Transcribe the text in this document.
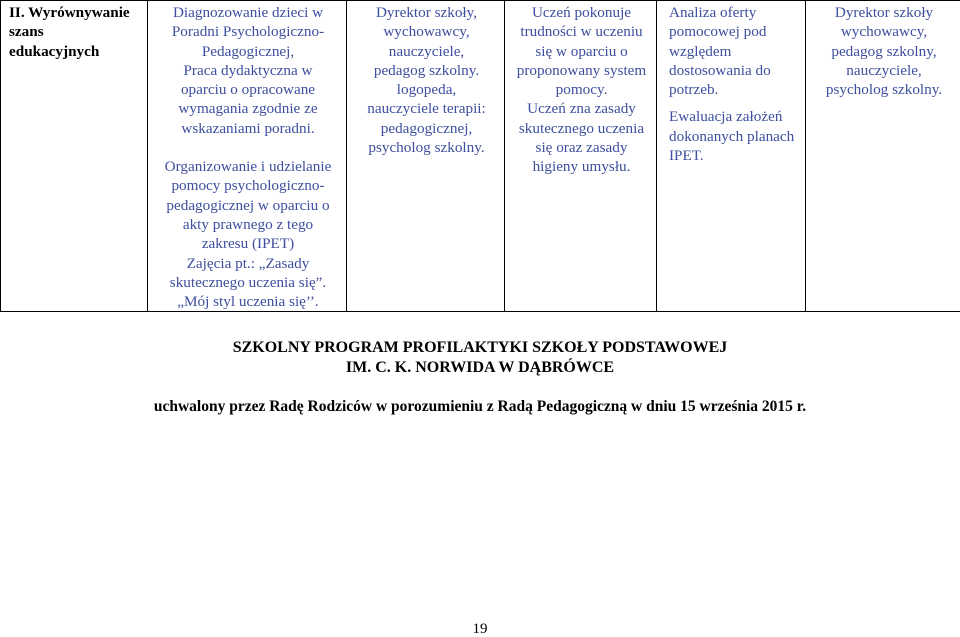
II. Wyrównywanie
szans
edukacyjnych

Diagnozowanie dzieci w
Poradni Psychologiczno-
Pedagogicznej,
Praca dydaktyczna w
oparciu o opracowane
wymagania zgodnie ze
wskazaniami poradni.
Organizowanie i udzielanie
pomocy psychologiczno-
pedagogicznej w oparciu o
akty prawnego z tego
zakresu (IPET)
Zajęcia pt.: „Zasady
skutecznego uczenia się”.
„Mój styl uczenia się’’.

Dyrektor szkoły,
wychowawcy,
nauczyciele,
pedagog szkolny.
logopeda,
nauczyciele terapii:
pedagogicznej,
psycholog szkolny.

Uczeń pokonuje
trudności w uczeniu
się w oparciu o
proponowany system
pomocy.
Uczeń zna zasady
skutecznego uczenia
się oraz zasady
higieny umysłu.

Analiza oferty
pomocowej pod
względem
dostosowania do
potrzeb.
Ewaluacja założeń
dokonanych planach
IPET.

Dyrektor szkoły
wychowawcy,
pedagog szkolny,
nauczyciele,
psycholog szkolny.
SZKOLNY PROGRAM PROFILAKTYKI SZKOŁY PODSTAWOWEJ
IM. C. K. NORWIDA W DĄBRÓWCE
uchwalony przez Radę Rodziców w porozumieniu z Radą Pedagogiczną w dniu 15 września 2015 r.
19
